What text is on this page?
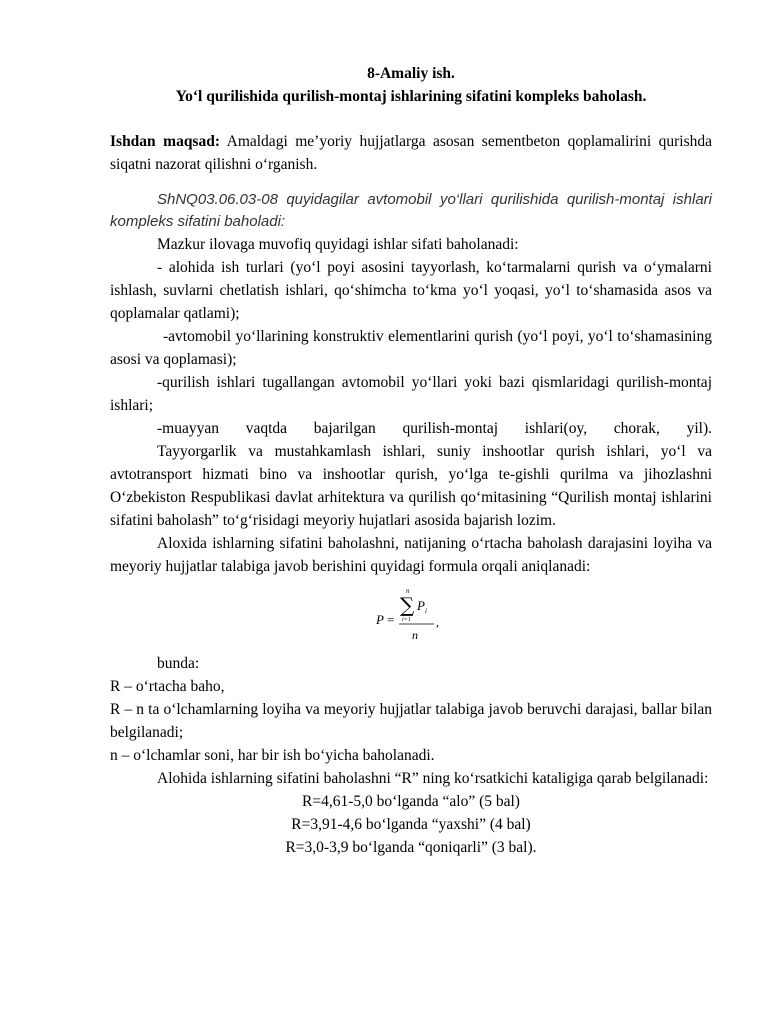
8-Amaliy ish.

Yo‘l qurilishida qurilish-montaj ishlarining sifatini kompleks baholash.

Ishdan maqsad: Amaldagi me’yoriy hujjatlarga asosan sementbeton qoplamalirini qurishda siqatni nazorat qilishni o‘rganish.

ShNQ03.06.03-08 quyidagilar avtomobil yo‘llari qurilishida qurilish-montaj ishlari kompleks sifatini baholadi:

Mazkur ilovaga muvofiq quyidagi ishlar sifati baholanadi:

- alohida ish turlari (yo‘l poyi asosini tayyorlash, ko‘tarmalarni qurish va o‘ymalarni ishlash, suvlarni chetlatish ishlari, qo‘shimcha to‘kma yo‘l yoqasi, yo‘l to‘shamasida asos va qoplamalar qatlami);

-avtomobil yo‘llarining konstruktiv elementlarini qurish (yo‘l poyi, yo‘l to‘shamasining asosi va qoplamasi);

-qurilish ishlari tugallangan avtomobil yo‘llari yoki bazi qismlaridagi qurilish-montaj ishlari;

-muayyan vaqtda bajarilgan qurilish-montaj ishlari(oy, chorak, yil).

Tayyorgarlik va mustahkamlash ishlari, suniy inshootlar qurish ishlari, yo‘l va avtotransport hizmati bino va inshootlar qurish, yo‘lga te-gishli qurilma va jihozlashni O‘zbekiston Respublikasi davlat arhitektura va qurilish qo‘mitasining “Qurilish montaj ishlarini sifatini baholash” to‘g‘risidagi meyoriy hujatlari asosida bajarish lozim.

Aloxida ishlarning sifatini baholashni, natijaning o‘rtacha baholash darajasini loyiha va meyoriy hujjatlar talabiga javob berishini quyidagi formula orqali aniqlanadi:

P =
n
∑ P i
i=1
n
,

bunda:

R – o‘rtacha baho,

R – n ta o‘lchamlarning loyiha va meyoriy hujjatlar talabiga javob beruvchi darajasi, ballar bilan belgilanadi;

n – o‘lchamlar soni, har bir ish bo‘yicha baholanadi.

Alohida ishlarning sifatini baholashni “R” ning ko‘rsatkichi kataligiga qarab belgilanadi:

R=4,61-5,0 bo‘lganda “alo” (5 bal)

R=3,91-4,6 bo‘lganda “yaxshi” (4 bal)

R=3,0-3,9 bo‘lganda “qoniqarli” (3 bal).
